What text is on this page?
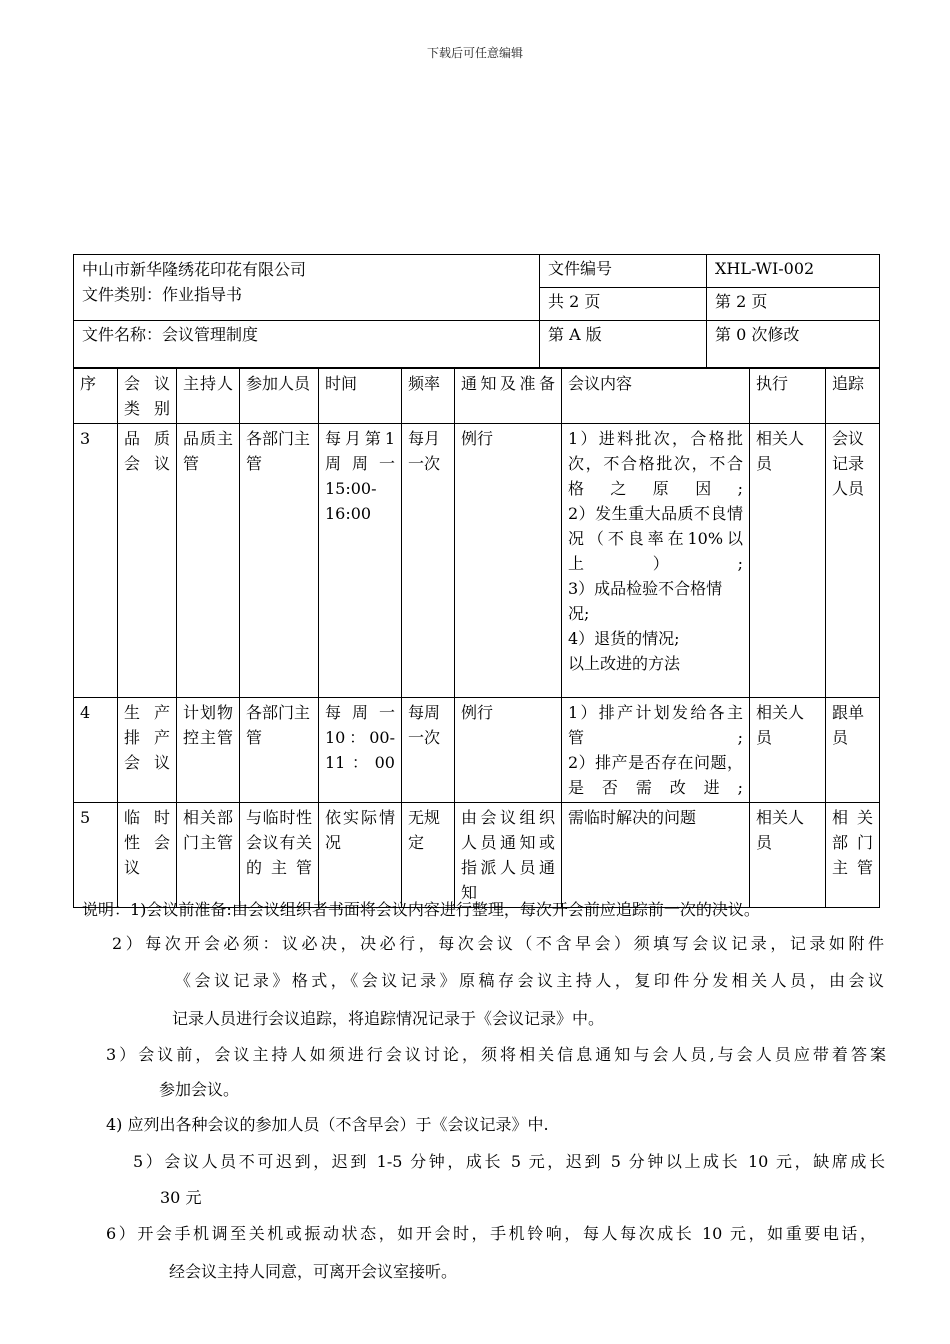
下载后可任意编辑
中山市新华隆绣花印花有限公司
文件类别：作业指导书	文件编号	XHL-WI-002
	共 2 页	第 2 页
文件名称：会议管理制度	第 A 版	第 0 次修改
序	会议类别	主持人	参加人员	时间	频率	通知及准备	会议内容	执行	追踪
3	品质会议	品质主管	各部门主管	每月第1周周一15:00-16:00	每月一次	例行	1）进料批次，合格批次，不合格批次，不合格之原因;
2）发生重大品质不良情况（不良率在10%以上）;
3）成品检验不合格情况;
4）退货的情况;
以上改进的方法	相关人员	会议记录人员
4	生产排产会议	计划物控主管	各部门主管	每周一10：00-11：00	每周一次	例行	1）排产计划发给各主管;
2）排产是否存在问题，是否需改进;	相关人员	跟单员
5	临时性会议	相关部门主管	与临时性会议有关的主管	依实际情况	无规定	由会议组织人员通知或指派人员通知	需临时解决的问题	相关人员	相关部门主管
说明：1)会议前准备:由会议组织者书面将会议内容进行整理，每次开会前应追踪前一次的决议。
2）每次开会必须：议必决，决必行，每次会议（不含早会）须填写会议记录，记录如附件
《会议记录》格式，《会议记录》原稿存会议主持人，复印件分发相关人员，由会议
记录人员进行会议追踪，将追踪情况记录于《会议记录》中。
3）会议前，会议主持人如须进行会议讨论，须将相关信息通知与会人员,与会人员应带着答案
参加会议。
4) 应列出各种会议的参加人员（不含早会）于《会议记录》中.
5）会议人员不可迟到，迟到 1-5 分钟，成长 5 元，迟到 5 分钟以上成长 10 元，缺席成长
30 元
6）开会手机调至关机或振动状态，如开会时，手机铃响，每人每次成长 10 元，如重要电话，
经会议主持人同意，可离开会议室接听。
